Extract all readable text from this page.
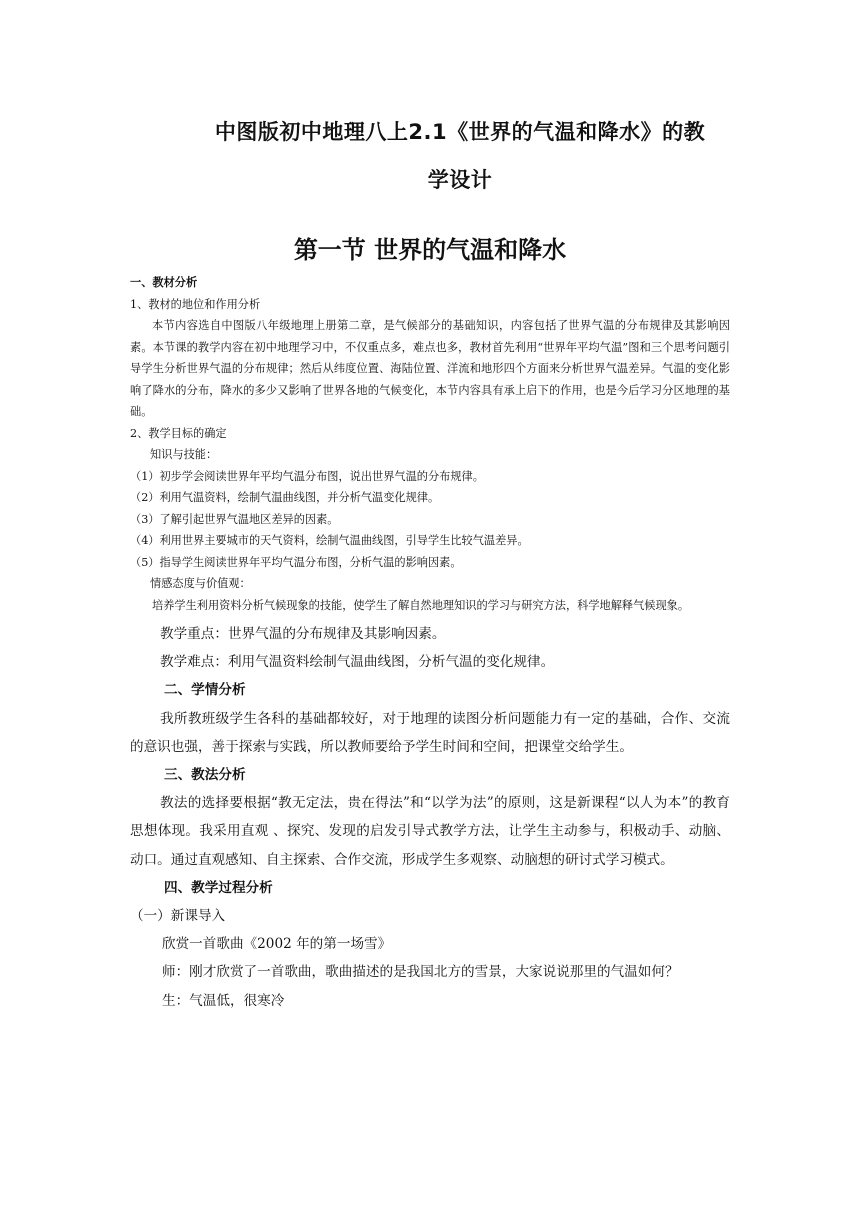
中图版初中地理八上2.1《世界的气温和降水》的教
学设计
第一节 世界的气温和降水

一、教材分析

1、教材的地位和作用分析

本节内容选自中图版八年级地理上册第二章，是气候部分的基础知识，内容包括了世界气温的分布规律及其影响因素。本节课的教学内容在初中地理学习中，不仅重点多，难点也多，教材首先利用“世界年平均气温”图和三个思考问题引导学生分析世界气温的分布规律；然后从纬度位置、海陆位置、洋流和地形四个方面来分析世界气温差异。气温的变化影响了降水的分布，降水的多少又影响了世界各地的气候变化，本节内容具有承上启下的作用，也是今后学习分区地理的基础。

2、教学目标的确定

知识与技能：

（1）初步学会阅读世界年平均气温分布图，说出世界气温的分布规律。

（2）利用气温资料，绘制气温曲线图，并分析气温变化规律。

（3）了解引起世界气温地区差异的因素。

（4）利用世界主要城市的天气资料，绘制气温曲线图，引导学生比较气温差异。

（5）指导学生阅读世界年平均气温分布图，分析气温的影响因素。

情感态度与价值观：

培养学生利用资料分析气候现象的技能，使学生了解自然地理知识的学习与研究方法，科学地解释气候现象。

教学重点：世界气温的分布规律及其影响因素。

教学难点：利用气温资料绘制气温曲线图，分析气温的变化规律。

二、学情分析

我所教班级学生各科的基础都较好，对于地理的读图分析问题能力有一定的基础，合作、交流的意识也强，善于探索与实践，所以教师要给予学生时间和空间，把课堂交给学生。

三、教法分析

教法的选择要根据“教无定法，贵在得法”和“以学为法”的原则，这是新课程“以人为本”的教育思想体现。我采用直观 、探究、发现的启发引导式教学方法，让学生主动参与，积极动手、动脑、动口。通过直观感知、自主探索、合作交流，形成学生多观察、动脑想的研讨式学习模式。

四、教学过程分析

（一）新课导入

欣赏一首歌曲《2002 年的第一场雪》

师：刚才欣赏了一首歌曲，歌曲描述的是我国北方的雪景，大家说说那里的气温如何？

生：气温低，很寒冷
